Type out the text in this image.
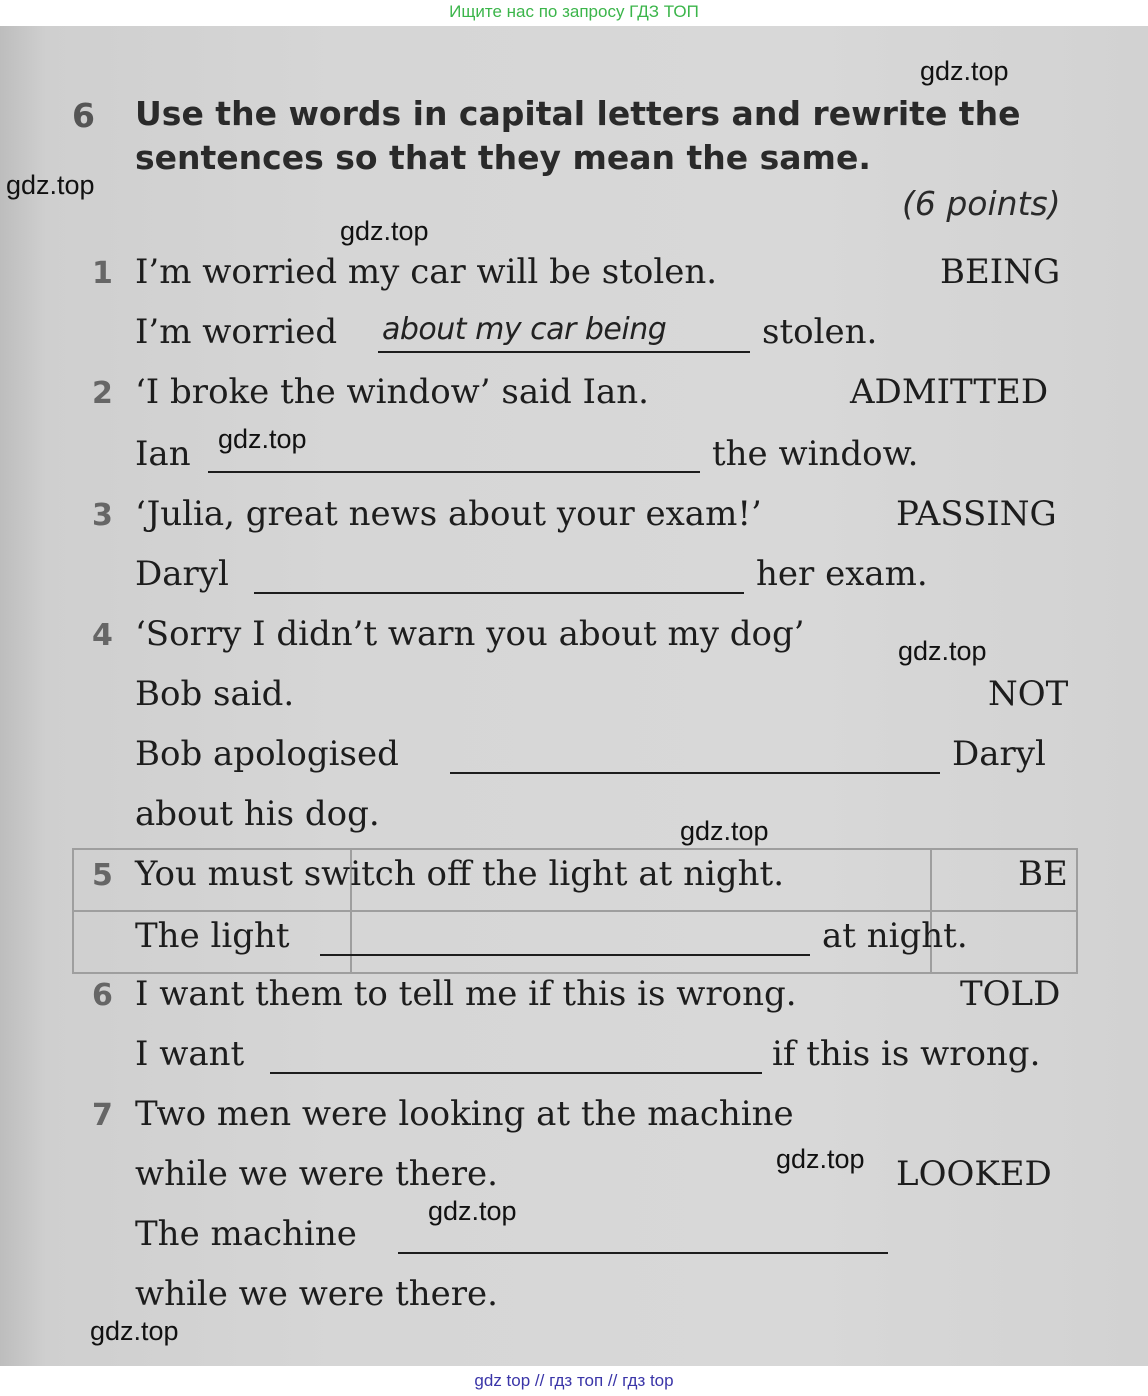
Ищите нас по запросу ГДЗ ТОП
6 Use the words in capital letters and rewrite the
sentences so that they mean the same.
(6 points)
1 I’m worried my car will be stolen.	BEING
I’m worried about my car being	stolen.
2 ‘I broke the window’ said Ian.	ADMITTED
Ian	the window.
3 ‘Julia, great news about your exam!’	PASSING
Daryl	her exam.
4 ‘Sorry I didn’t warn you about my dog’
Bob said.	NOT
Bob apologised	Daryl
about his dog.
5 You must switch off the light at night.	BE
The light	at night.
6 I want them to tell me if this is wrong.	TOLD
I want	if this is wrong.
7 Two men were looking at the machine
while we were there.	LOOKED
The machine
while we were there.
gdz.top
gdz.top
gdz.top
gdz.top
gdz.top
gdz.top
gdz.top
gdz.top
gdz.top
gdz top // гдз топ // гдз top
